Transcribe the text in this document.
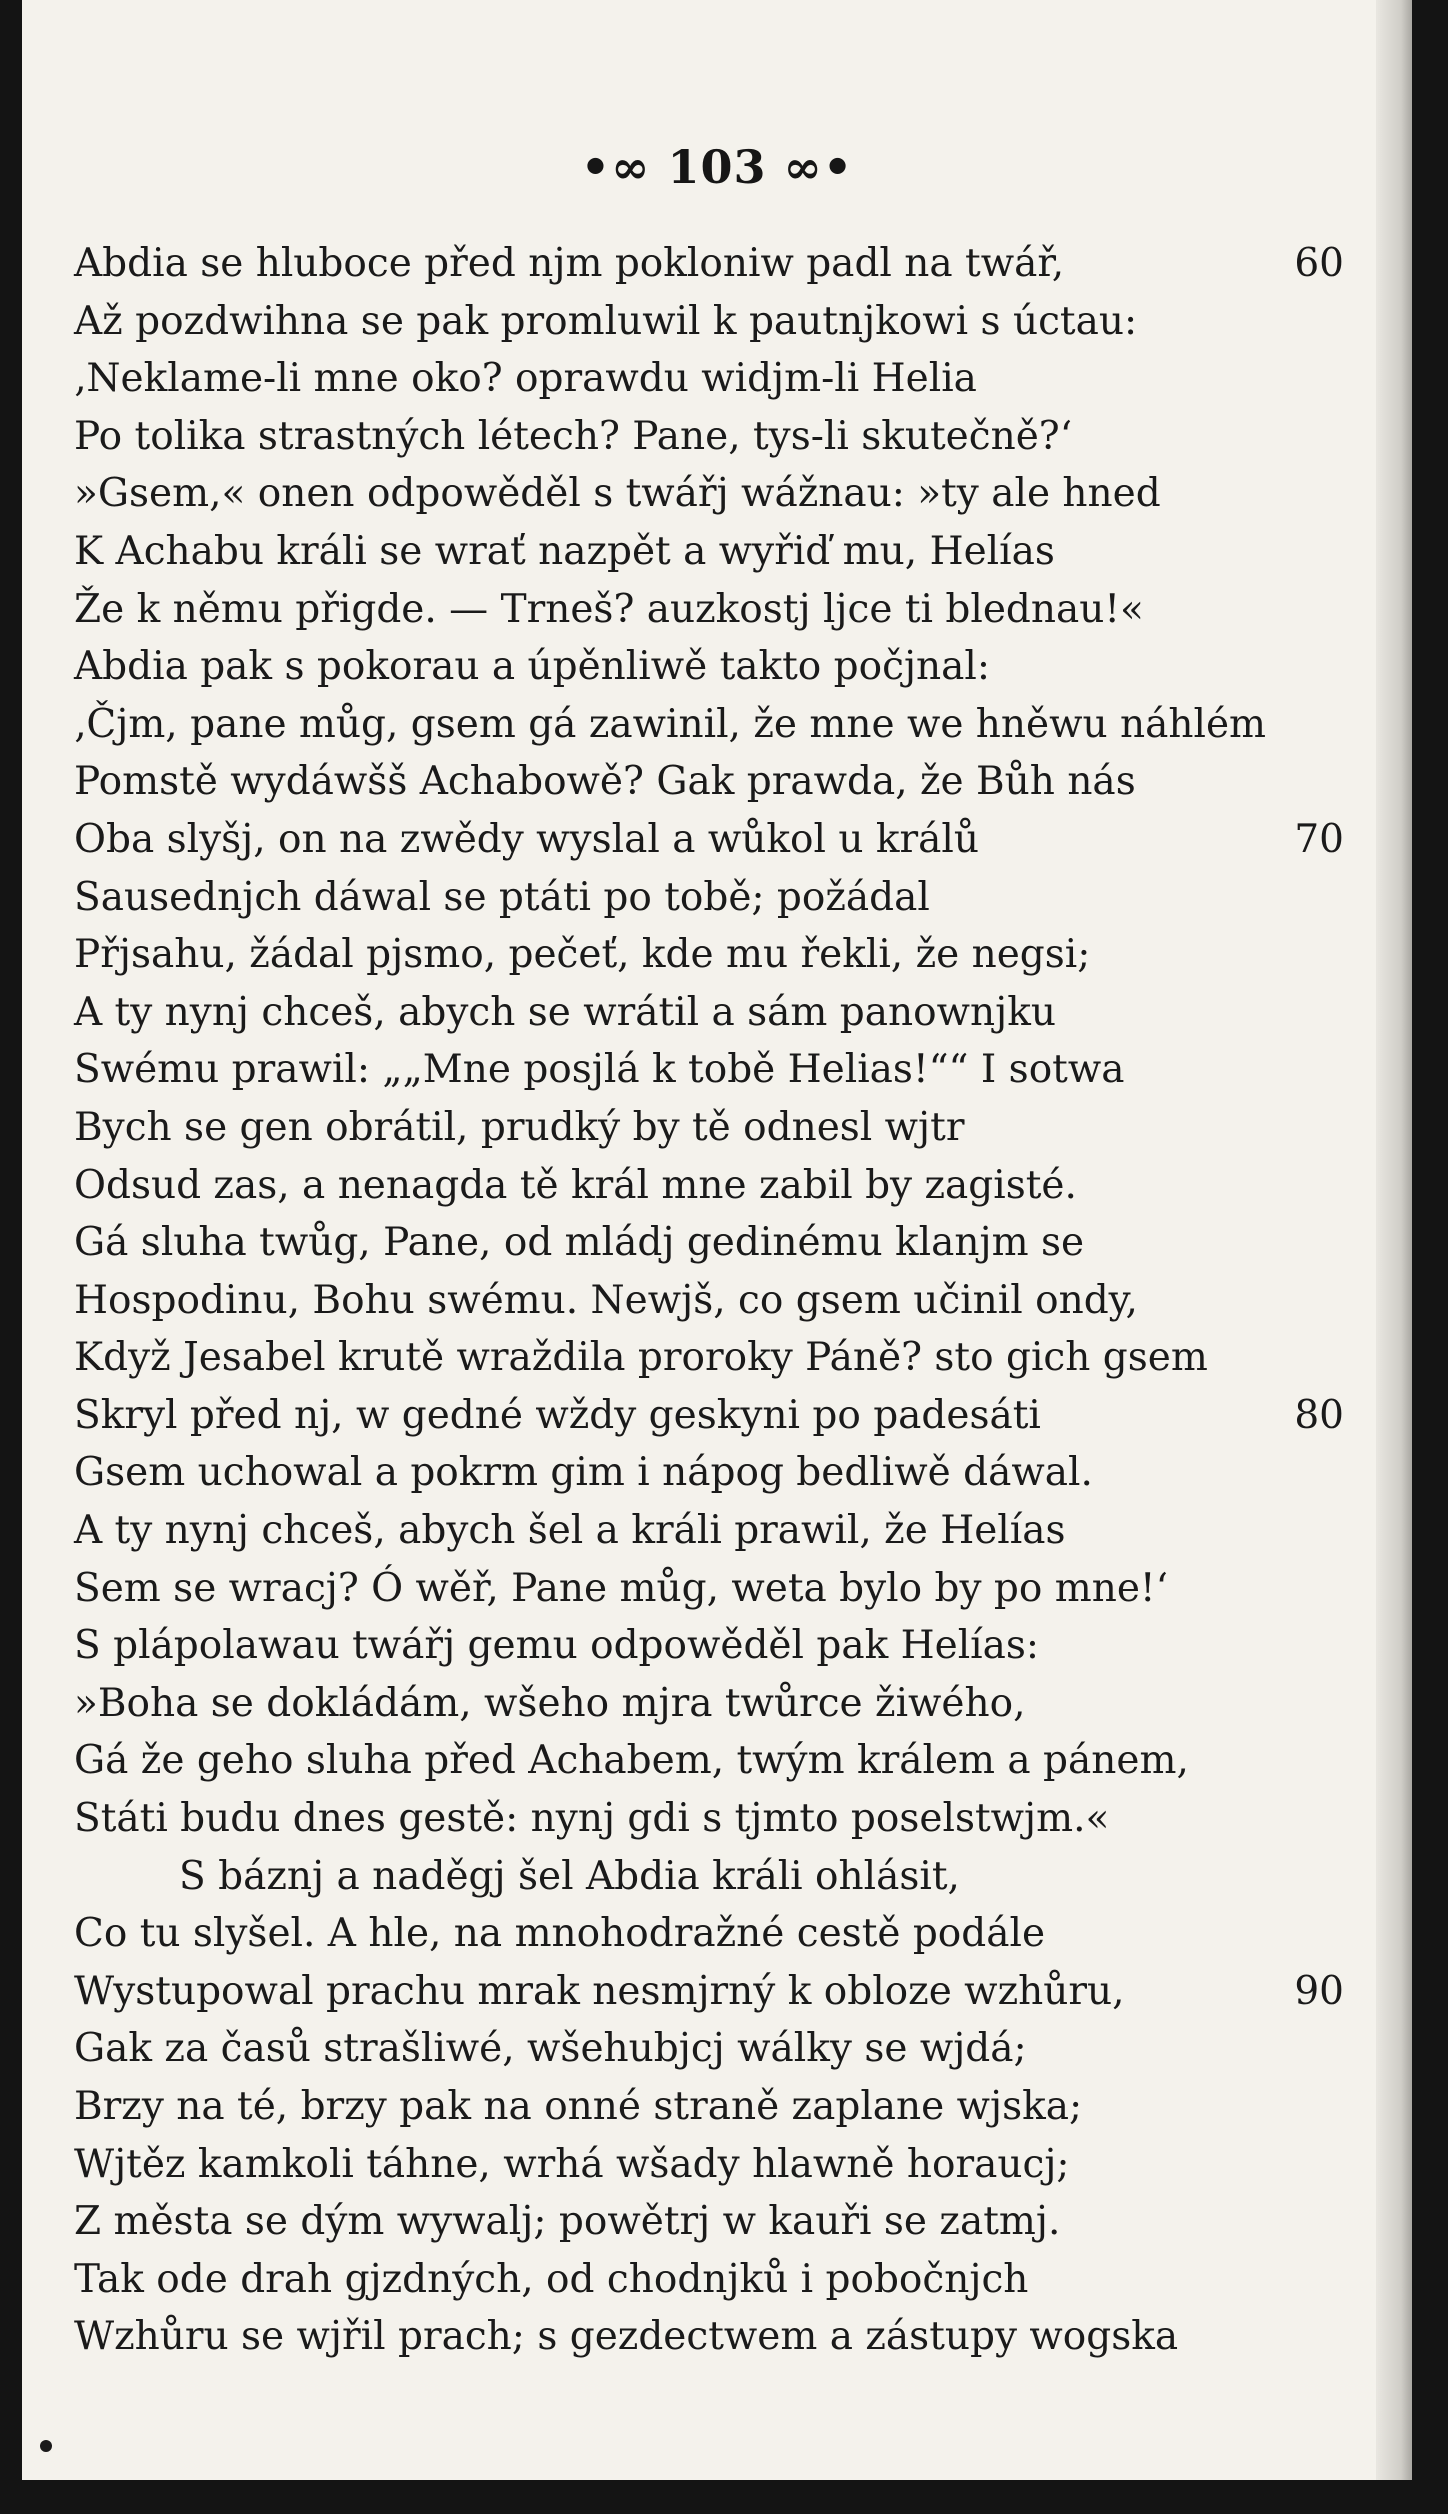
•∞ 103 ∞•
Abdia se hluboce před njm pokloniw padl na twář,	60
Až pozdwihna se pak promluwil k pautnjkowi s úctau:
‚Neklame-li mne oko? oprawdu widjm-li Helia
Po tolika strastných létech? Pane, tys-li skutečně?‘
»Gsem,« onen odpowěděl s twářj wážnau: »ty ale hned
K Achabu králi se wrať nazpět a wyřiď mu, Helías
Že k němu přigde. — Trneš? auzkostj ljce ti blednau!«
Abdia pak s pokorau a úpěnliwě takto počjnal:
‚Čjm, pane můg, gsem gá zawinil, že mne we hněwu náhlém
Pomstě wydáwšš Achabowě? Gak prawda, že Bůh nás
Oba slyšj, on na zwědy wyslal a wůkol u králů	70
Sausednjch dáwal se ptáti po tobě; požádal
Přjsahu, žádal pjsmo, pečeť, kde mu řekli, že negsi;
A ty nynj chceš, abych se wrátil a sám panownjku
Swému prawil: „„Mne posjlá k tobě Helias!““ I sotwa
Bych se gen obrátil, prudký by tě odnesl wjtr
Odsud zas, a nenagda tě král mne zabil by zagisté.
Gá sluha twůg, Pane, od mládj gedinému klanjm se
Hospodinu, Bohu swému. Newjš, co gsem učinil ondy,
Když Jesabel krutě wraždila proroky Páně? sto gich gsem
Skryl před nj, w gedné wždy geskyni po padesáti	80
Gsem uchowal a pokrm gim i nápog bedliwě dáwal.
A ty nynj chceš, abych šel a králi prawil, že Helías
Sem se wracj? Ó wěř, Pane můg, weta bylo by po mne!‘
S plápolawau twářj gemu odpowěděl pak Helías:
»Boha se dokládám, wšeho mjra twůrce žiwého,
Gá že geho sluha před Achabem, twým králem a pánem,
Státi budu dnes gestě: nynj gdi s tjmto poselstwjm.«
S báznj a naděgj šel Abdia králi ohlásit,
Co tu slyšel. A hle, na mnohodražné cestě podále
Wystupowal prachu mrak nesmjrný k obloze wzhůru,	90
Gak za časů strašliwé, wšehubjcj wálky se wjdá;
Brzy na té, brzy pak na onné straně zaplane wjska;
Wjtěz kamkoli táhne, wrhá wšady hlawně horaucj;
Z města se dým wywalj; powětrj w kauři se zatmj.
Tak ode drah gjzdných, od chodnjků i pobočnjch
Wzhůru se wjřil prach; s gezdectwem a zástupy wogska
